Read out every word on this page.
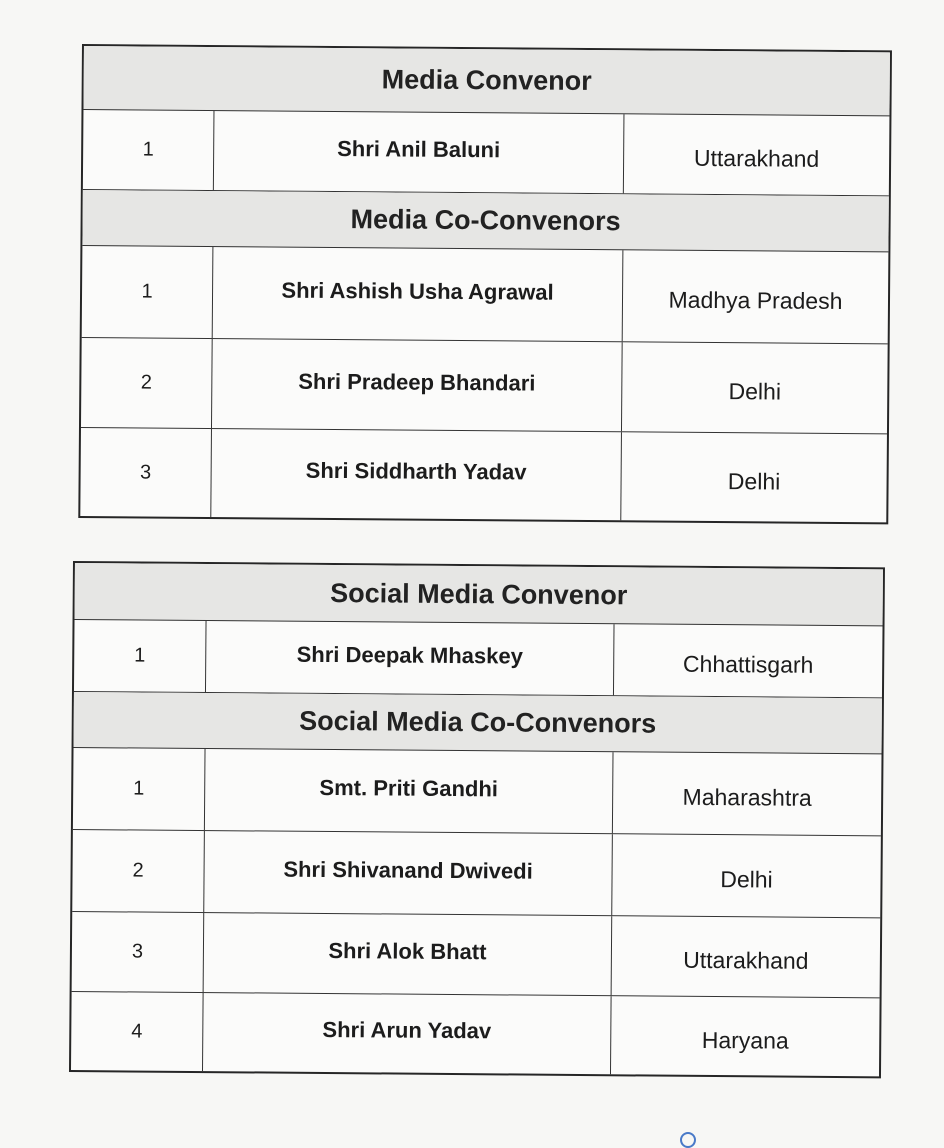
Media Convenor
1	Shri Anil Baluni	Uttarakhand
Media Co-Convenors
1	Shri Ashish Usha Agrawal	Madhya Pradesh
2	Shri Pradeep Bhandari	Delhi
3	Shri Siddharth Yadav	Delhi
Social Media Convenor
1	Shri Deepak Mhaskey	Chhattisgarh
Social Media Co-Convenors
1	Smt. Priti Gandhi	Maharashtra
2	Shri Shivanand Dwivedi	Delhi
3	Shri Alok Bhatt	Uttarakhand
4	Shri Arun Yadav	Haryana
